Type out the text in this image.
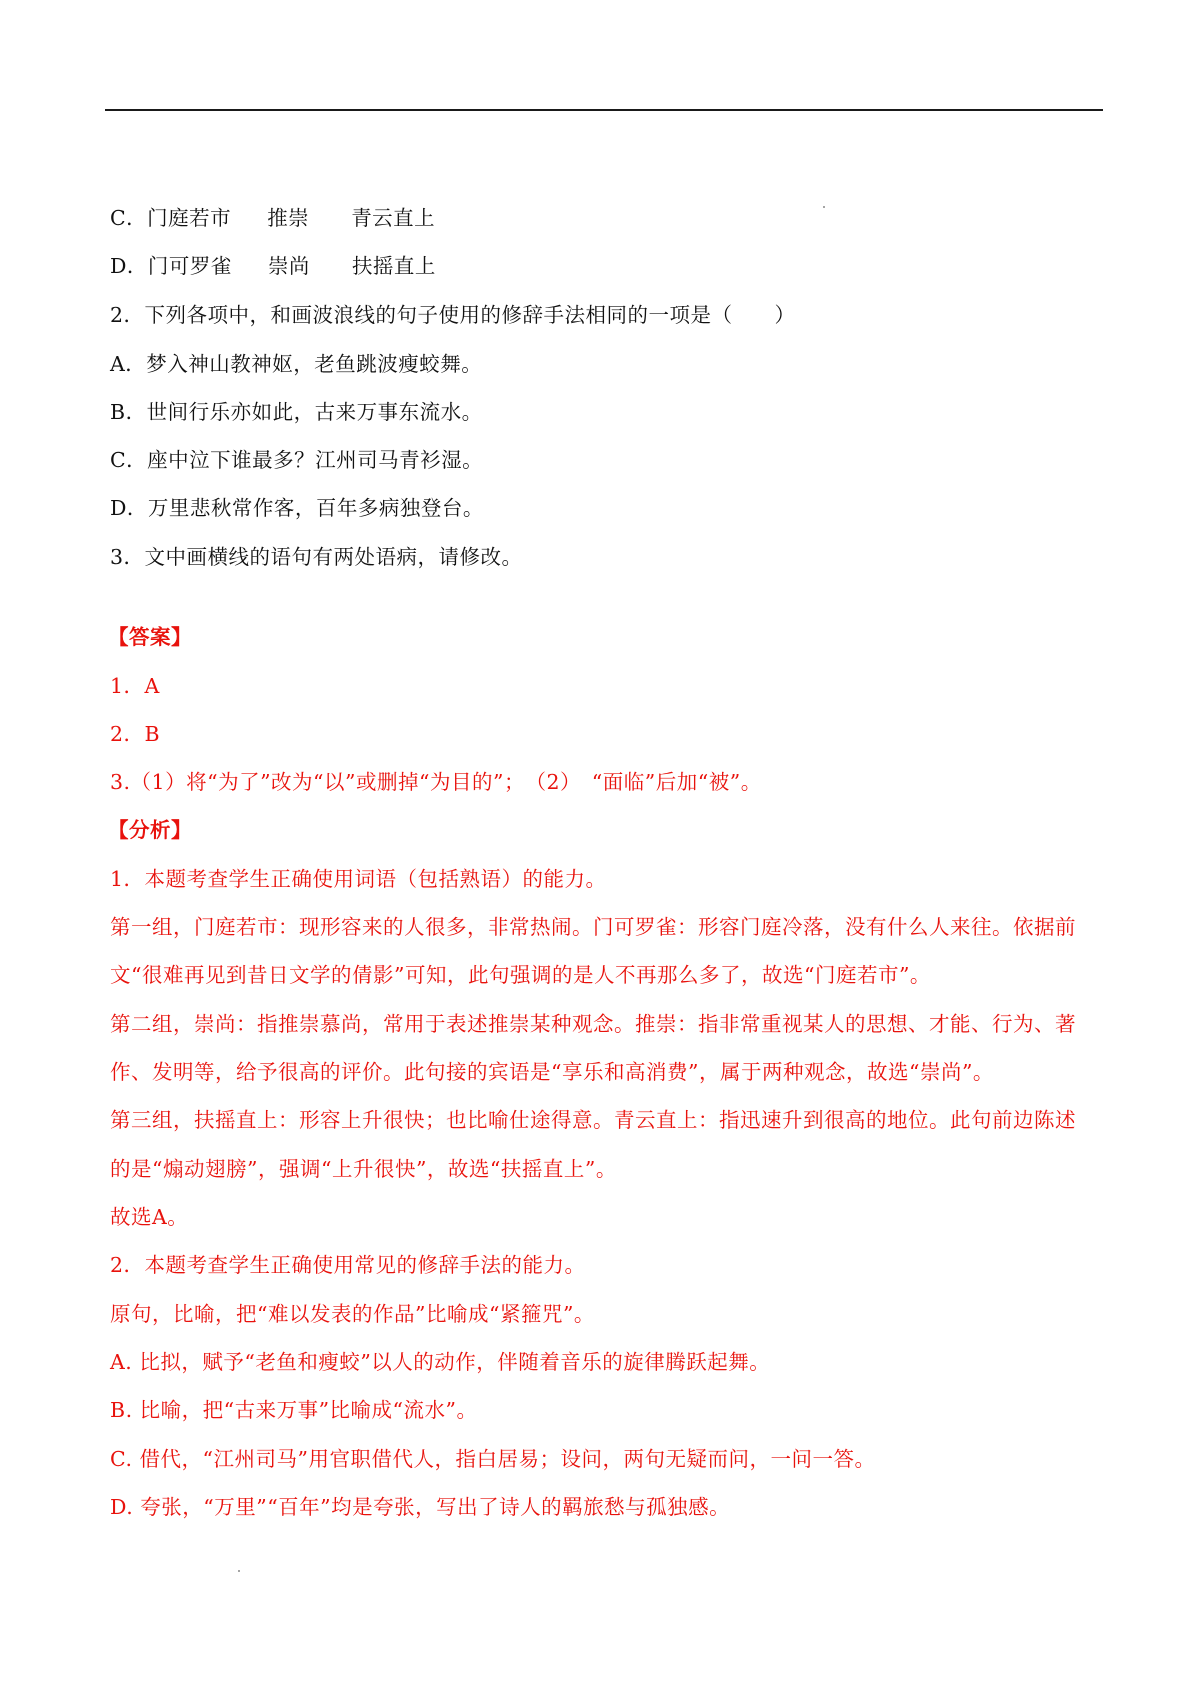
C．门庭若市 推崇 青云直上
D．门可罗雀 崇尚 扶摇直上
2．下列各项中，和画波浪线的句子使用的修辞手法相同的一项是（　　）
A．梦入神山教神妪，老鱼跳波瘦蛟舞。
B．世间行乐亦如此，古来万事东流水。
C．座中泣下谁最多？江州司马青衫湿。
D．万里悲秋常作客，百年多病独登台。
3．文中画横线的语句有两处语病，请修改。
【答案】
1．A
2．B
3.（1）将“为了”改为“以”或删掉“为目的”；　（2）　“面临”后加“被”。
【分析】
1．本题考查学生正确使用词语（包括熟语）的能力。
第一组，门庭若市：现形容来的人很多，非常热闹。门可罗雀：形容门庭冷落，没有什么人来往。依据前
文“很难再见到昔日文学的倩影”可知，此句强调的是人不再那么多了，故选“门庭若市”。
第二组，崇尚：指推崇慕尚，常用于表述推崇某种观念。推崇：指非常重视某人的思想、才能、行为、著
作、发明等，给予很高的评价。此句接的宾语是“享乐和高消费”，属于两种观念，故选“崇尚”。
第三组，扶摇直上：形容上升很快；也比喻仕途得意。青云直上：指迅速升到很高的地位。此句前边陈述
的是“煽动翅膀”，强调“上升很快”，故选“扶摇直上”。
故选A。
2．本题考查学生正确使用常见的修辞手法的能力。
原句，比喻，把“难以发表的作品”比喻成“紧箍咒”。
A. 比拟，赋予“老鱼和瘦蛟”以人的动作，伴随着音乐的旋律腾跃起舞。
B. 比喻，把“古来万事”比喻成“流水”。
C. 借代，“江州司马”用官职借代人，指白居易；设问，两句无疑而问，一问一答。
D. 夸张，“万里”“百年”均是夸张，写出了诗人的羁旅愁与孤独感。
